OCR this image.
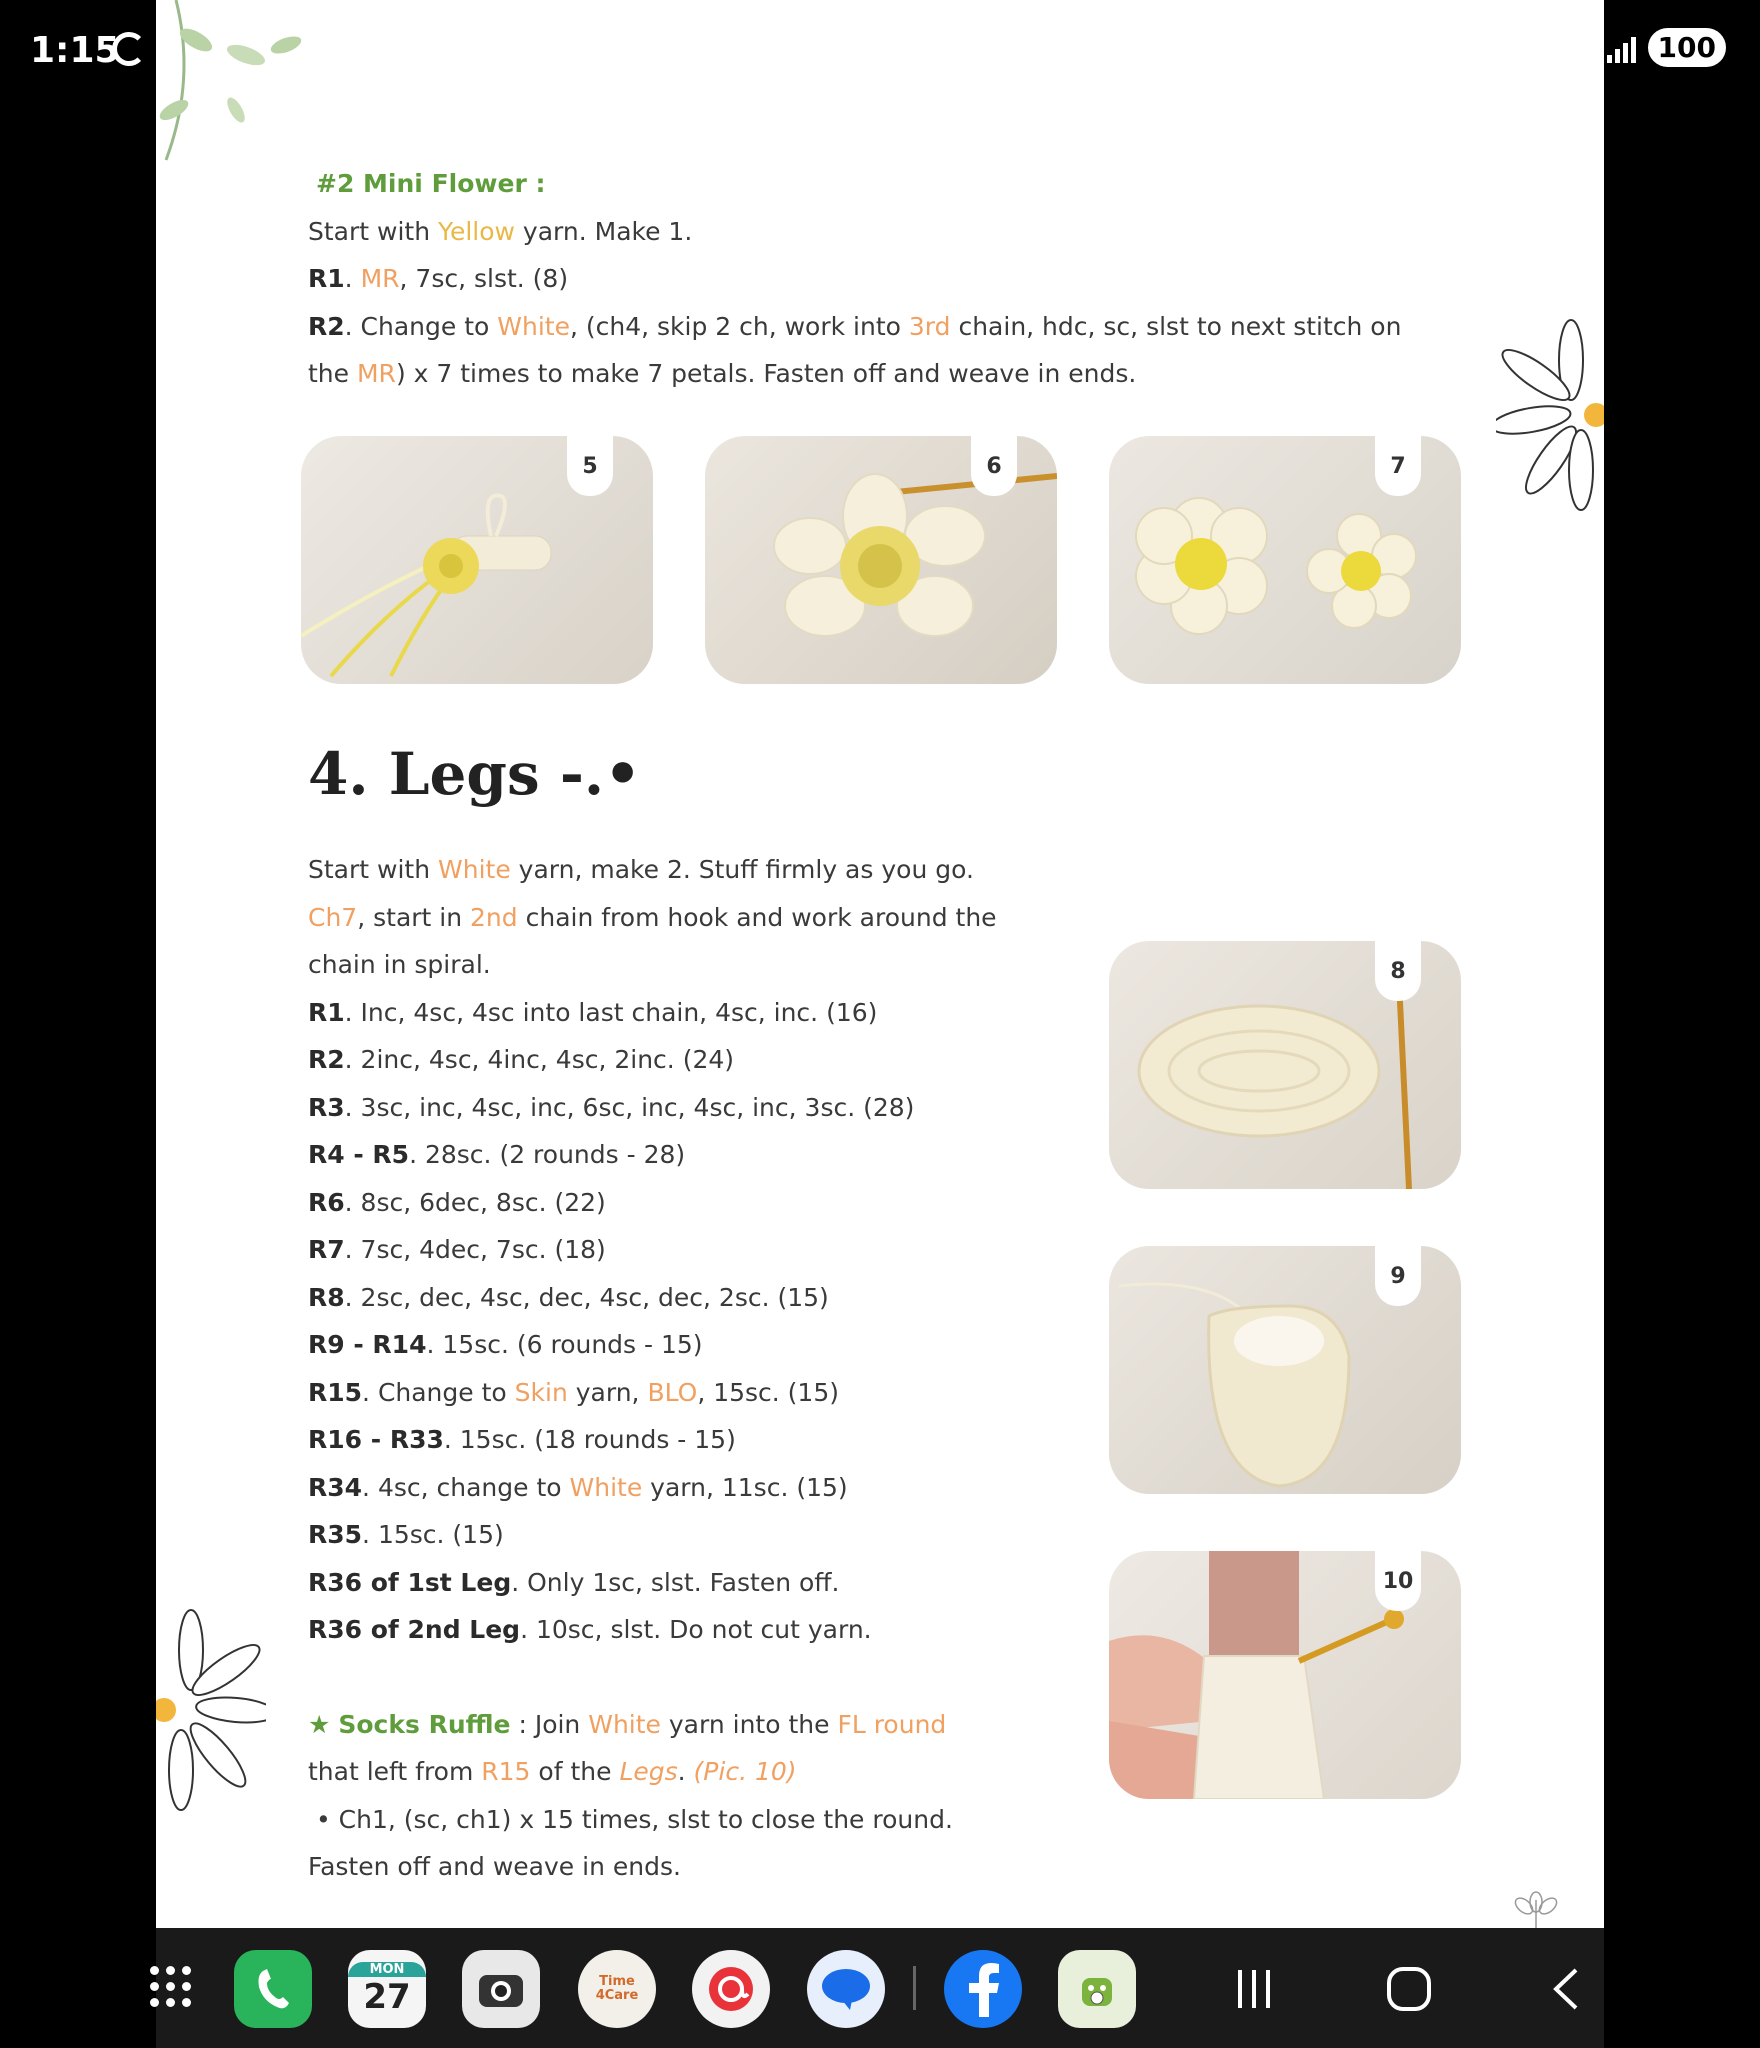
1:15	100
#2 Mini Flower :
Start with Yellow yarn. Make 1.
R1. MR, 7sc, slst. (8)
R2. Change to White, (ch4, skip 2 ch, work into 3rd chain, hdc, sc, slst to next stitch on
the MR) x 7 times to make 7 petals. Fasten off and weave in ends.
5	6	7
4. Legs -.•
Start with White yarn, make 2. Stuff firmly as you go.
Ch7, start in 2nd chain from hook and work around the
chain in spiral.
R1. Inc, 4sc, 4sc into last chain, 4sc, inc. (16)
R2. 2inc, 4sc, 4inc, 4sc, 2inc. (24)
R3. 3sc, inc, 4sc, inc, 6sc, inc, 4sc, inc, 3sc. (28)
R4 - R5. 28sc. (2 rounds - 28)
R6. 8sc, 6dec, 8sc. (22)
R7. 7sc, 4dec, 7sc. (18)
R8. 2sc, dec, 4sc, dec, 4sc, dec, 2sc. (15)
R9 - R14. 15sc. (6 rounds - 15)
R15. Change to Skin yarn, BLO, 15sc. (15)
R16 - R33. 15sc. (18 rounds - 15)
R34. 4sc, change to White yarn, 11sc. (15)
R35. 15sc. (15)
R36 of 1st Leg. Only 1sc, slst. Fasten off.
R36 of 2nd Leg. 10sc, slst. Do not cut yarn.
★ Socks Ruffle : Join White yarn into the FL round
that left from R15 of the Legs. (Pic. 10)
• Ch1, (sc, ch1) x 15 times, slst to close the round.
Fasten off and weave in ends.
8
9
10
MON
27	Time 4Care
